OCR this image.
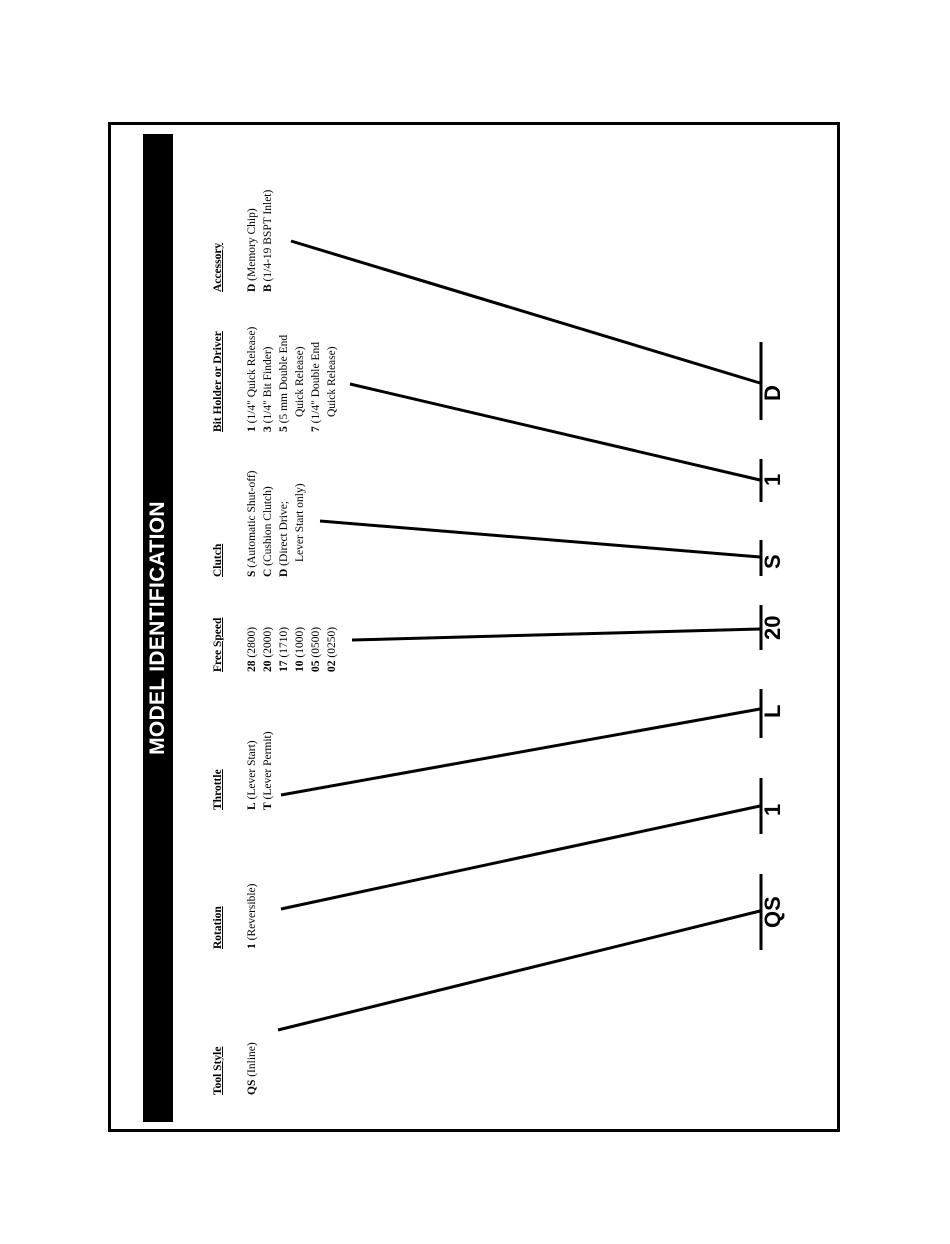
MODEL IDENTIFICATION
Tool Style QS (Inline)
Rotation 1 (Reversible)
Throttle L (Lever Start)
T (Lever Permit)
Free Speed 28 (2800)
20 (2000)
17 (1710)
10 (1000)
05 (0500)
02 (0250)
Clutch S (Automatic Shut-off)
C (Cushion Clutch)
D (Direct Drive; Lever Start only)
Bit Holder or Driver 1 (1/4" Quick Release)
3 (1/4" Bit Finder)
5 (5 mm Double End Quick Release)
7 (1/4" Double End Quick Release)
Accessory D (Memory Chip)
B (1/4-19 BSPT Inlet)
QS
1
L
20
S
1
D
